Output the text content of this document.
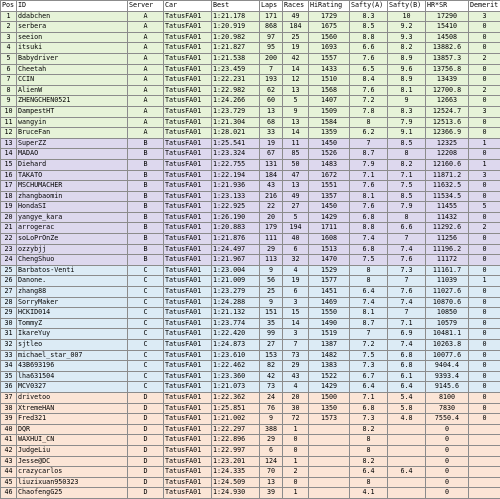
Pos	ID	Server	Car	Best	Laps	Races	HiRating	Safty(A)	Safty(B)	HR*SR	Demerit
1	ddabchen	A	TatusFA01	1:21.178	171	49	1729	8.3	10	17290	3
2	serbera	A	TatusFA01	1:20.919	868	184	1675	8.5	9.2	15410	0
3	seeion	A	TatusFA01	1:20.982	97	25	1560	8.8	9.3	14508	0
4	itsuki	A	TatusFA01	1:21.827	95	19	1693	6.6	8.2	13882.6	0
5	Babydriver	A	TatusFA01	1:21.538	200	42	1557	7.6	8.9	13857.3	2
6	Cheetah	A	TatusFA01	1:23.459	7	14	1433	6.5	9.6	13756.8	0
7	CCIN	A	TatusFA01	1:22.231	193	12	1510	8.4	8.9	13439	0
8	AlienW	A	TatusFA01	1:22.982	62	13	1568	7.6	8.1	12700.8	2
9	ZHENGCHEN0521	A	TatusFA01	1:24.266	60	5	1407	7.2	9	12663	0
10	DampestHT	A	TatusFA01	1:23.729	13	9	1509	7.8	8.3	12524.7	3
11	wangyin	A	TatusFA01	1:21.304	68	13	1584	8	7.9	12513.6	0
12	BruceFan	A	TatusFA01	1:28.021	33	14	1359	6.2	9.1	12366.9	0
13	SuperZZ	B	TatusFA01	1:25.541	19	11	1450	7	8.5	12325	1
14	MADAO	B	TatusFA01	1:23.324	67	85	1526	8.7	8	12208	0
15	Diehard	B	TatusFA01	1:22.755	131	50	1483	7.9	8.2	12160.6	1
16	TAKATO	B	TatusFA01	1:22.194	184	47	1672	7.1	7.1	11871.2	3
17	MSCHUMACHER	B	TatusFA01	1:21.936	43	13	1551	7.6	7.5	11632.5	0
18	zhangbaomin	B	TatusFA01	1:23.133	216	49	1357	8.1	8.5	11534.5	0
19	HondaSI	B	TatusFA01	1:22.925	22	27	1450	7.6	7.9	11455	5
20	yangye_kara	B	TatusFA01	1:26.190	20	5	1429	6.8	8	11432	0
21	arrogerac	B	TatusFA01	1:20.883	179	194	1711	8.8	6.6	11292.6	2
22	soLoPrOnZe	B	TatusFA01	1:21.876	111	40	1608	7.4	7	11256	0
23	ozzybjj	B	TatusFA01	1:24.497	29	6	1513	6.8	7.4	11196.2	0
24	ChengShuo	B	TatusFA01	1:21.967	113	32	1470	7.5	7.6	11172	0
25	Barbatos-Venti	C	TatusFA01	1:23.004	9	4	1529	8	7.3	11161.7	0
26	Danone.	C	TatusFA01	1:21.009	56	19	1577	8	7	11039	1
27	zhang88	C	TatusFA01	1:23.279	25	6	1451	6.4	7.6	11027.6	0
28	SorryMaker	C	TatusFA01	1:24.288	9	3	1469	7.4	7.4	10870.6	0
29	HCKID014	C	TatusFA01	1:21.132	151	15	1550	8.1	7	10850	0
30	TommyZ	C	TatusFA01	1:23.774	35	14	1490	8.7	7.1	10579	0
31	IkareYuy	C	TatusFA01	1:22.420	99	3	1519	7	6.9	10481.1	0
32	sjtleo	C	TatusFA01	1:24.873	27	7	1387	7.2	7.4	10263.8	0
33	michael_star_007	C	TatusFA01	1:23.610	153	73	1482	7.5	6.8	10077.6	0
34	43B693196	C	TatusFA01	1:22.462	82	29	1383	7.3	6.8	9404.4	0
35	lha631504	C	TatusFA01	1:23.360	42	43	1522	6.7	6.1	9393.4	0
36	MCV0327	C	TatusFA01	1:21.073	73	4	1429	6.4	6.4	9145.6	0
37	drivetoo	D	TatusFA01	1:22.362	24	20	1500	7.1	5.4	8100	0
38	XtremeHAN	D	TatusFA01	1:25.851	76	30	1350	6.8	5.8	7830	0
39	Fred321	D	TatusFA01	1:21.002	9	72	1573	7.3	4.8	7550.4	0
40	DQR	D	TatusFA01	1:22.297	388	1		8.2		0	
41	WAXHUI_CN	D	TatusFA01	1:22.896	29	0		8		0	
42	JudgeLiu	D	TatusFA01	1:22.997	6	0		8		0	
43	Jesse@DC	D	TatusFA01	1:23.201	124	1		8.2		0	
44	crazycarlos	D	TatusFA01	1:24.335	70	2		6.4	6.4	0	
45	liuzixuan950323	D	TatusFA01	1:24.509	13	0		8		0	
46	ChaofengG25	D	TatusFA01	1:24.930	39	1		4.1		0	
